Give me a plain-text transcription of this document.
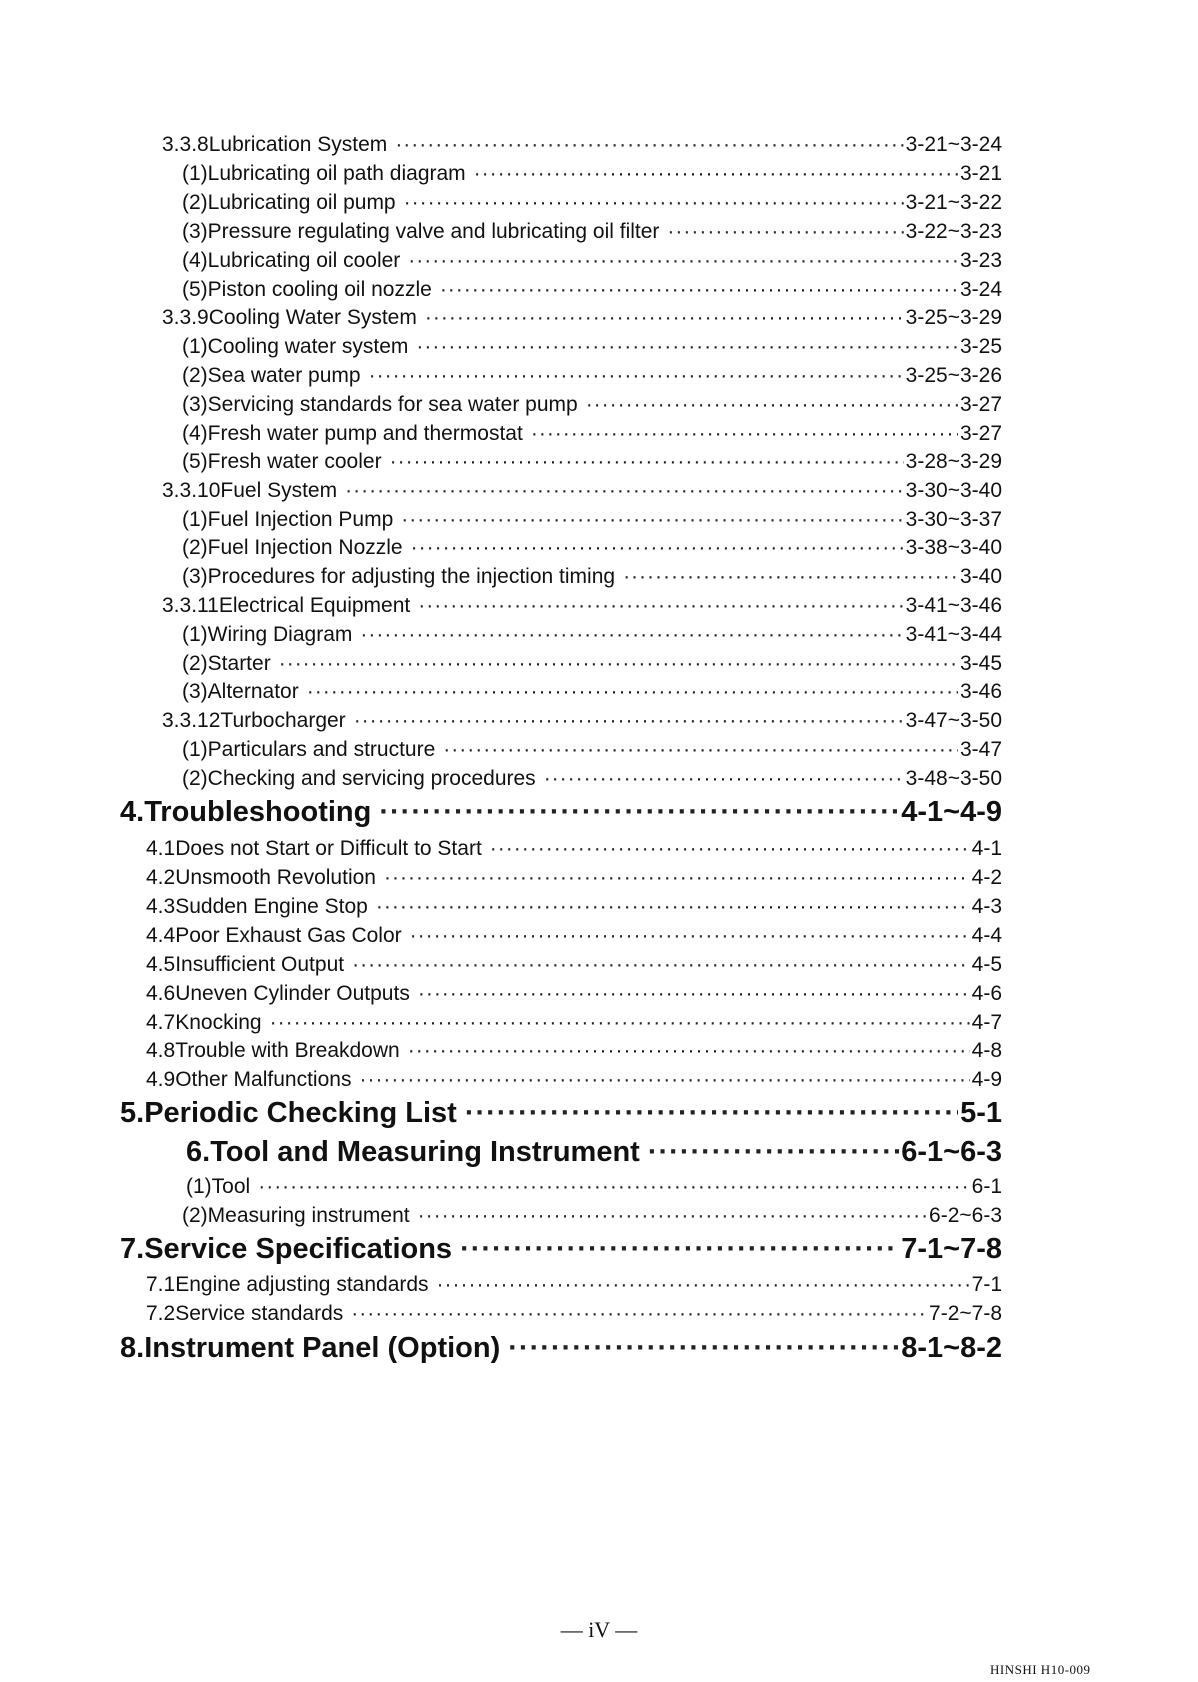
3.3.8 Lubrication System ·····	3-21~3-24
(1) Lubricating oil path diagram ·····	3-21
(2) Lubricating oil pump ·····	3-21~3-22
(3) Pressure regulating valve and lubricating oil filter ·····	3-22~3-23
(4) Lubricating oil cooler ·····	3-23
(5) Piston cooling oil nozzle ·····	3-24
3.3.9 Cooling Water System ·····	3-25~3-29
(1) Cooling water system ·····	3-25
(2) Sea water pump ·····	3-25~3-26
(3) Servicing standards for sea water pump ·····	3-27
(4) Fresh water pump and thermostat ·····	3-27
(5) Fresh water cooler ·····	3-28~3-29
3.3.10 Fuel System ·····	3-30~3-40
(1) Fuel Injection Pump ·····	3-30~3-37
(2) Fuel Injection Nozzle ·····	3-38~3-40
(3) Procedures for adjusting the injection timing ·····	3-40
3.3.11 Electrical Equipment ·····	3-41~3-46
(1) Wiring Diagram ·····	3-41~3-44
(2) Starter ·····	3-45
(3) Alternator ·····	3-46
3.3.12 Turbocharger ·····	3-47~3-50
(1) Particulars and structure ·····	3-47
(2) Checking and servicing procedures ·····	3-48~3-50
4. Troubleshooting ·····	4-1~4-9
4.1 Does not Start or Difficult to Start ·····	4-1
4.2 Unsmooth Revolution ·····	4-2
4.3 Sudden Engine Stop ·····	4-3
4.4 Poor Exhaust Gas Color ·····	4-4
4.5 Insufficient Output ·····	4-5
4.6 Uneven Cylinder Outputs ·····	4-6
4.7 Knocking ·····	4-7
4.8 Trouble with Breakdown ·····	4-8
4.9 Other Malfunctions ·····	4-9
5. Periodic Checking List ·····	5-1
6. Tool and Measuring Instrument ·····	6-1~6-3
(1) Tool ·····	6-1
(2) Measuring instrument ·····	6-2~6-3
7. Service Specifications ·····	7-1~7-8
7.1 Engine adjusting standards ·····	7-1
7.2 Service standards ·····	7-2~7-8
8. Instrument Panel (Option) ·····	8-1~8-2
— iV —
HINSHI H10-009
